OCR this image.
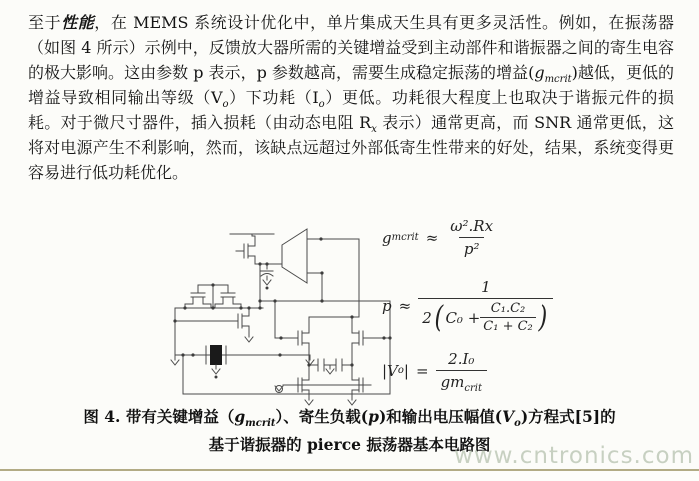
至于性能，在 MEMS 系统设计优化中，单片集成天生具有更多灵活性。例如，在振荡器（如图 4 所示）示例中，反馈放大器所需的关键增益受到主动部件和谐振器之间的寄生电容的极大影响。这由参数 p 表示，p 参数越高，需要生成稳定振荡的增益$(g_{mcrit})$越低，更低的增益导致相同输出等级$(V_o)$下功耗$(I_o)$更低。功耗很大程度上也取决于谐振元件的损耗。对于微尺寸器件，插入损耗（由动态电阻 $R_x$ 表示）通常更高，而 SNR 通常更低，这将对电源产生不利影响，然而，该缺点远超过外部低寄生性带来的好处，结果，系统变得更容易进行低功耗优化。

g mcrit ≈ $\frac{\text{ω².Rx}}{\text{p²}}$
p ≈
1
2 ( $C_0 + \frac{\text{C₁.C₂}}{\text{C₁ + C₂}}$ )
|V o | = $\frac{\text{2.I₀}}{gm_{crit}}$
图 4. 带有关键增益$(g_{mcrit})$、寄生负载(p)和输出电压幅值$(V_o)$方程式[5]的
基于谐振器的 pierce 振荡器基本电路图
www.cntronics.com
